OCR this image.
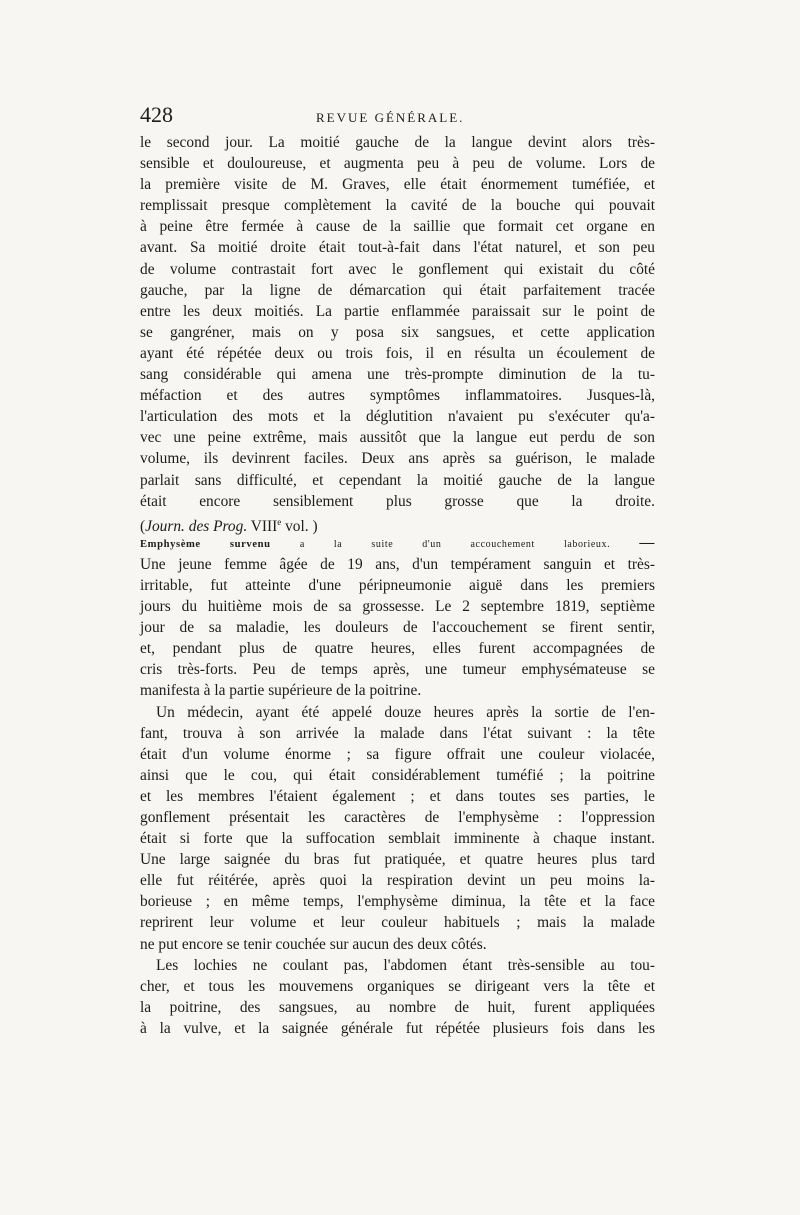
428	REVUE GÉNÉRALE.
le second jour. La moitié gauche de la langue devint alors très-
sensible et douloureuse, et augmenta peu à peu de volume. Lors de
la première visite de M. Graves, elle était énormement tuméfiée, et
remplissait presque complètement la cavité de la bouche qui pouvait
à peine être fermée à cause de la saillie que formait cet organe en
avant. Sa moitié droite était tout-à-fait dans l'état naturel, et son peu
de volume contrastait fort avec le gonflement qui existait du côté
gauche, par la ligne de démarcation qui était parfaitement tracée
entre les deux moitiés. La partie enflammée paraissait sur le point de
se gangréner, mais on y posa six sangsues, et cette application
ayant été répétée deux ou trois fois, il en résulta un écoulement de
sang considérable qui amena une très-prompte diminution de la tu-
méfaction et des autres symptômes inflammatoires. Jusques-là,
l'articulation des mots et la déglutition n'avaient pu s'exécuter qu'a-
vec une peine extrême, mais aussitôt que la langue eut perdu de son
volume, ils devinrent faciles. Deux ans après sa guérison, le malade
parlait sans difficulté, et cependant la moitié gauche de la langue
était encore sensiblement plus grosse que la droite.
(Journ. des Prog. VIIIe vol. )
Emphysème survenu	a la suite d'un accouchement laborieux. —
Une jeune femme âgée de 19 ans, d'un tempérament sanguin et très-
irritable, fut atteinte d'une péripneumonie aiguë dans les premiers
jours du huitième mois de sa grossesse. Le 2 septembre 1819, septième
jour de sa maladie, les douleurs de l'accouchement se firent sentir,
et, pendant plus de quatre heures, elles furent accompagnées de
cris très-forts. Peu de temps après, une tumeur emphysémateuse se
manifesta à la partie supérieure de la poitrine.
Un médecin, ayant été appelé douze heures après la sortie de l'en-
fant, trouva à son arrivée la malade dans l'état suivant : la tête
était d'un volume énorme ; sa figure offrait une couleur violacée,
ainsi que le cou, qui était considérablement tuméfié ; la poitrine
et les membres l'étaient également ; et dans toutes ses parties, le
gonflement présentait les caractères de l'emphysème : l'oppression
était si forte que la suffocation semblait imminente à chaque instant.
Une large saignée du bras fut pratiquée, et quatre heures plus tard
elle fut réitérée, après quoi la respiration devint un peu moins la-
borieuse ; en même temps, l'emphysème diminua, la tête et la face
reprirent leur volume et leur couleur habituels ; mais la malade
ne put encore se tenir couchée sur aucun des deux côtés.
Les lochies ne coulant pas, l'abdomen étant très-sensible au tou-
cher, et tous les mouvemens organiques se dirigeant vers la tête et
la poitrine, des sangsues, au nombre de huit, furent appliquées
à la vulve, et la saignée générale fut répétée plusieurs fois dans les
